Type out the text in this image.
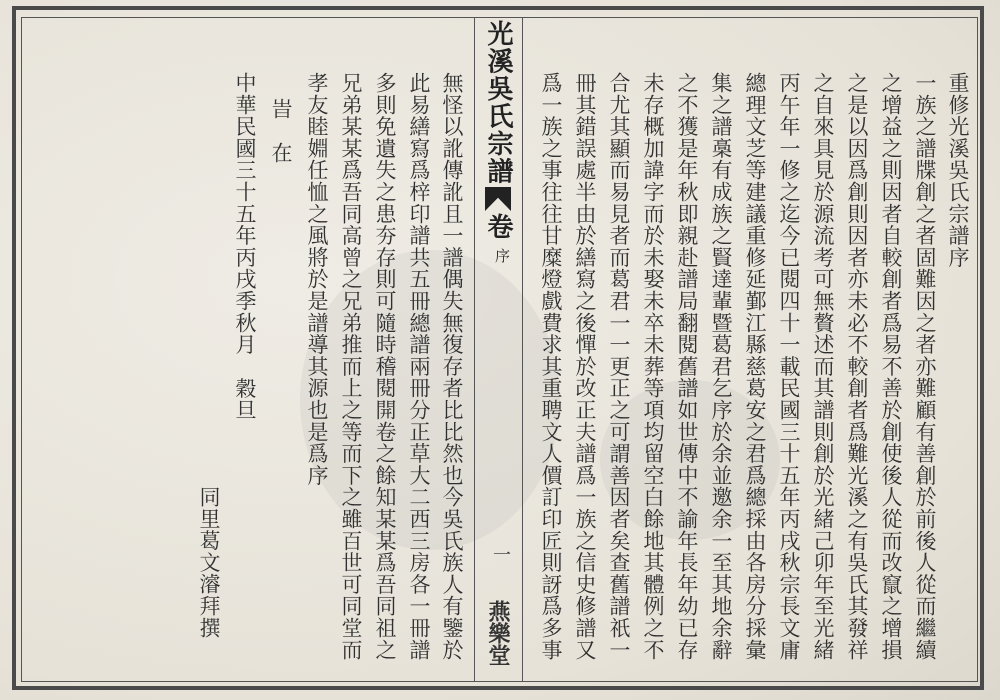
光溪吳氏宗譜卷
序
一
燕樂堂
重修光溪吳氏宗譜序
一族之譜牒創之者固難因之者亦難顧有善創於前後人從而繼續
之增益之則因者自較創者爲易不善於創使後人從而改竄之增損
之是以因爲創則因者亦未必不較創者爲難光溪之有吳氏其發祥
之自來具見於源流考可無贅述而其譜則創於光緒己卯年至光緒
丙午年一修之迄今已閱四十一載民國三十五年丙戌秋宗長文庸
總理文芝等建議重修延鄞江縣慈葛安之君爲總採由各房分採彙
集之譜槀有成族之賢達輩暨葛君乞序於余並邀余一至其地余辭
之不獲是年秋即親赴譜局翻閱舊譜如世傳中不諭年長年幼已存
未存概加諱字而於未娶未卒未葬等項均留空白餘地其體例之不
合尤其顯而易見者而葛君一一更正之可謂善因者矣查舊譜祇一
冊其錯誤處半由於繕寫之後憚於改正夫譜爲一族之信史修譜又
爲一族之事往往甘糜燈戲費求其重聘文人價訂印匠則訝爲多事
無怪以訛傳訛且一譜偶失無復存者比比然也今吳氏族人有鑒於
此易繕寫爲梓印譜共五冊總譜兩冊分正草大二西三房各一冊譜
多則免遺失之患夯存則可隨時稽閱開卷之餘知某某爲吾同祖之
兄弟某某爲吾同高曾之兄弟推而上之等而下之雖百世可同堂而
孝友睦婣任恤之風將於是譜導其源也是爲序
旹在
中華民國三十五年丙戌季秋月穀旦
同里葛文濬拜撰
